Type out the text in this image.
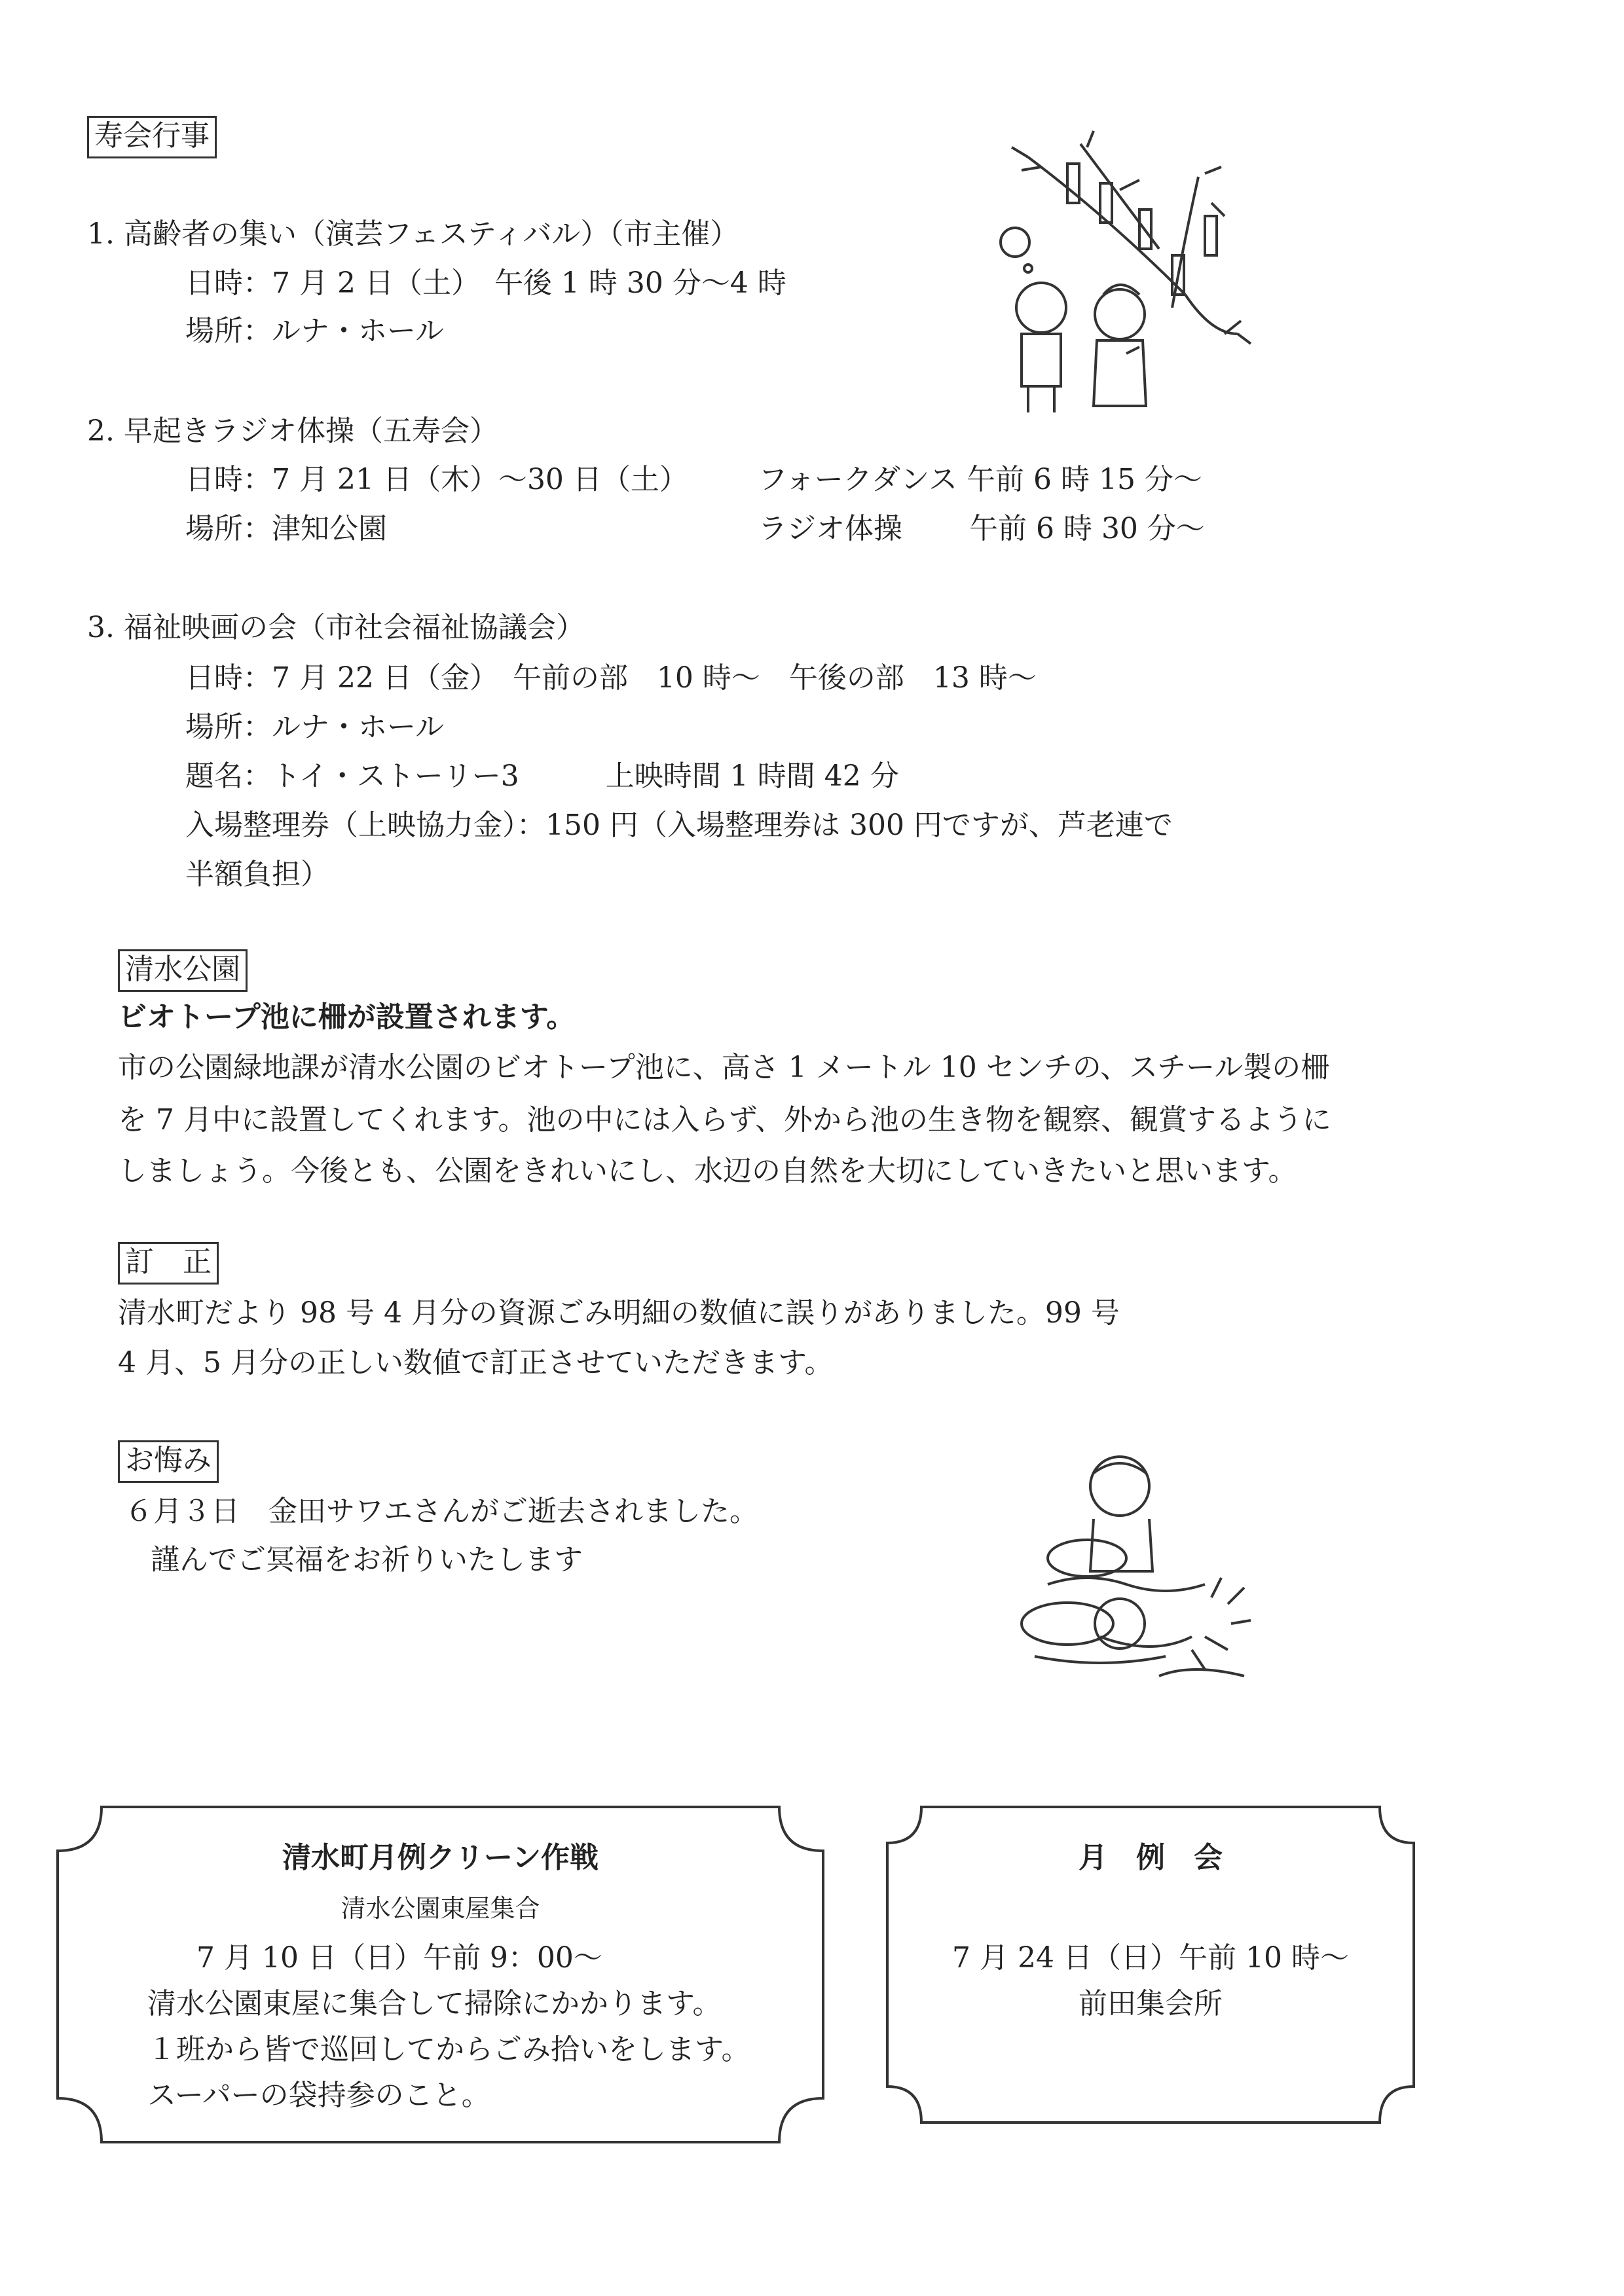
寿会行事
1. 高齢者の集い（演芸フェスティバル）（市主催）
日時：7 月 2 日（土）　午後 1 時 30 分～4 時
場所：ルナ・ホール
2. 早起きラジオ体操（五寿会）
日時：7 月 21 日（木）～30 日（土） フォークダンス 午前 6 時 15 分～
場所：津知公園	ラジオ体操　　 午前 6 時 30 分～
3. 福祉映画の会（市社会福祉協議会）
日時：7 月 22 日（金）　午前の部　10 時～　午後の部　13 時～
場所：ルナ・ホール
題名：トイ・ストーリー3　　　上映時間 1 時間 42 分
入場整理券（上映協力金）：150 円（入場整理券は 300 円ですが、芦老連で
半額負担）
清水公園
ビオトープ池に柵が設置されます。
市の公園緑地課が清水公園のビオトープ池に、高さ 1 メートル 10 センチの、スチール製の柵
を 7 月中に設置してくれます。池の中には入らず、外から池の生き物を観察、観賞するように
しましょう。今後とも、公園をきれいにし、水辺の自然を大切にしていきたいと思います。
訂　正
清水町だより 98 号 4 月分の資源ごみ明細の数値に誤りがありました。99 号
4 月、5 月分の正しい数値で訂正させていただきます。
お悔み
６月３日　金田サワエさんがご逝去されました。
謹んでご冥福をお祈りいたします
清水町月例クリーン作戦
清水公園東屋集合
7 月 10 日（日）午前 9：00～
清水公園東屋に集合して掃除にかかります。
１班から皆で巡回してからごみ拾いをします。
スーパーの袋持参のこと。
月　例　会
7 月 24 日（日）午前 10 時～
前田集会所
